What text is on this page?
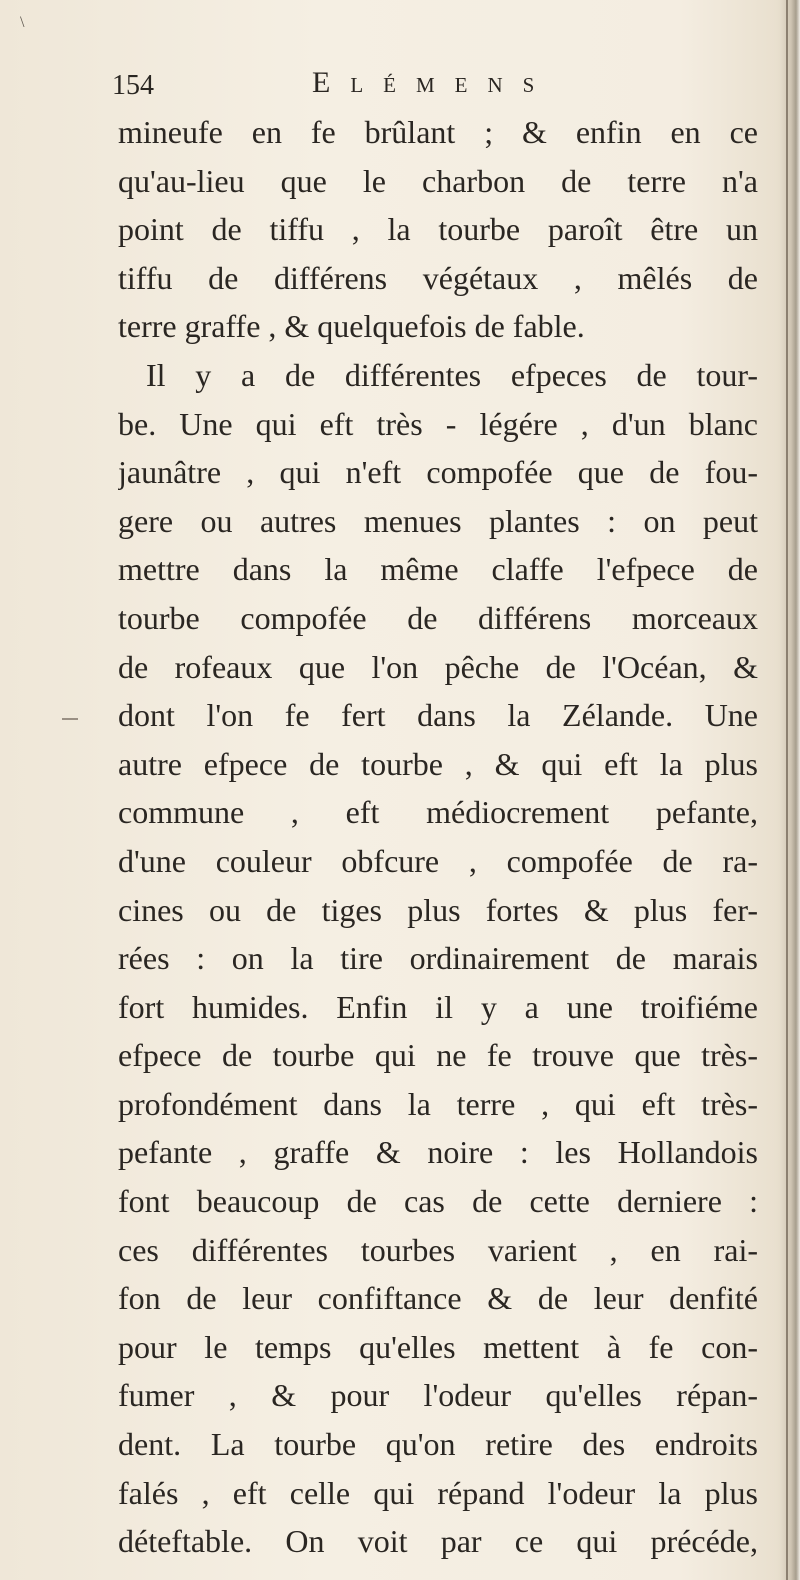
\
154	Elémens
mineufe en fe brûlant ; & enfin en ce
qu'au-lieu que le charbon de terre n'a
point de tiffu , la tourbe paroît être un
tiffu de différens végétaux , mêlés de
terre graffe , & quelquefois de fable.
Il y a de différentes efpeces de tour-
be. Une qui eft très - légére , d'un blanc
jaunâtre , qui n'eft compofée que de fou-
gere ou autres menues plantes : on peut
mettre dans la même claffe l'efpece de
tourbe compofée de différens morceaux
de rofeaux que l'on pêche de l'Océan, &
dont l'on fe fert dans la Zélande. Une
autre efpece de tourbe , & qui eft la plus
commune , eft médiocrement pefante,
d'une couleur obfcure , compofée de ra-
cines ou de tiges plus fortes & plus fer-
rées : on la tire ordinairement de marais
fort humides. Enfin il y a une troifiéme
efpece de tourbe qui ne fe trouve que très-
profondément dans la terre , qui eft très-
pefante , graffe & noire : les Hollandois
font beaucoup de cas de cette derniere :
ces différentes tourbes varient , en rai-
fon de leur confiftance & de leur denfité
pour le temps qu'elles mettent à fe con-
fumer , & pour l'odeur qu'elles répan-
dent. La tourbe qu'on retire des endroits
falés , eft celle qui répand l'odeur la plus
déteftable. On voit par ce qui précéde,
